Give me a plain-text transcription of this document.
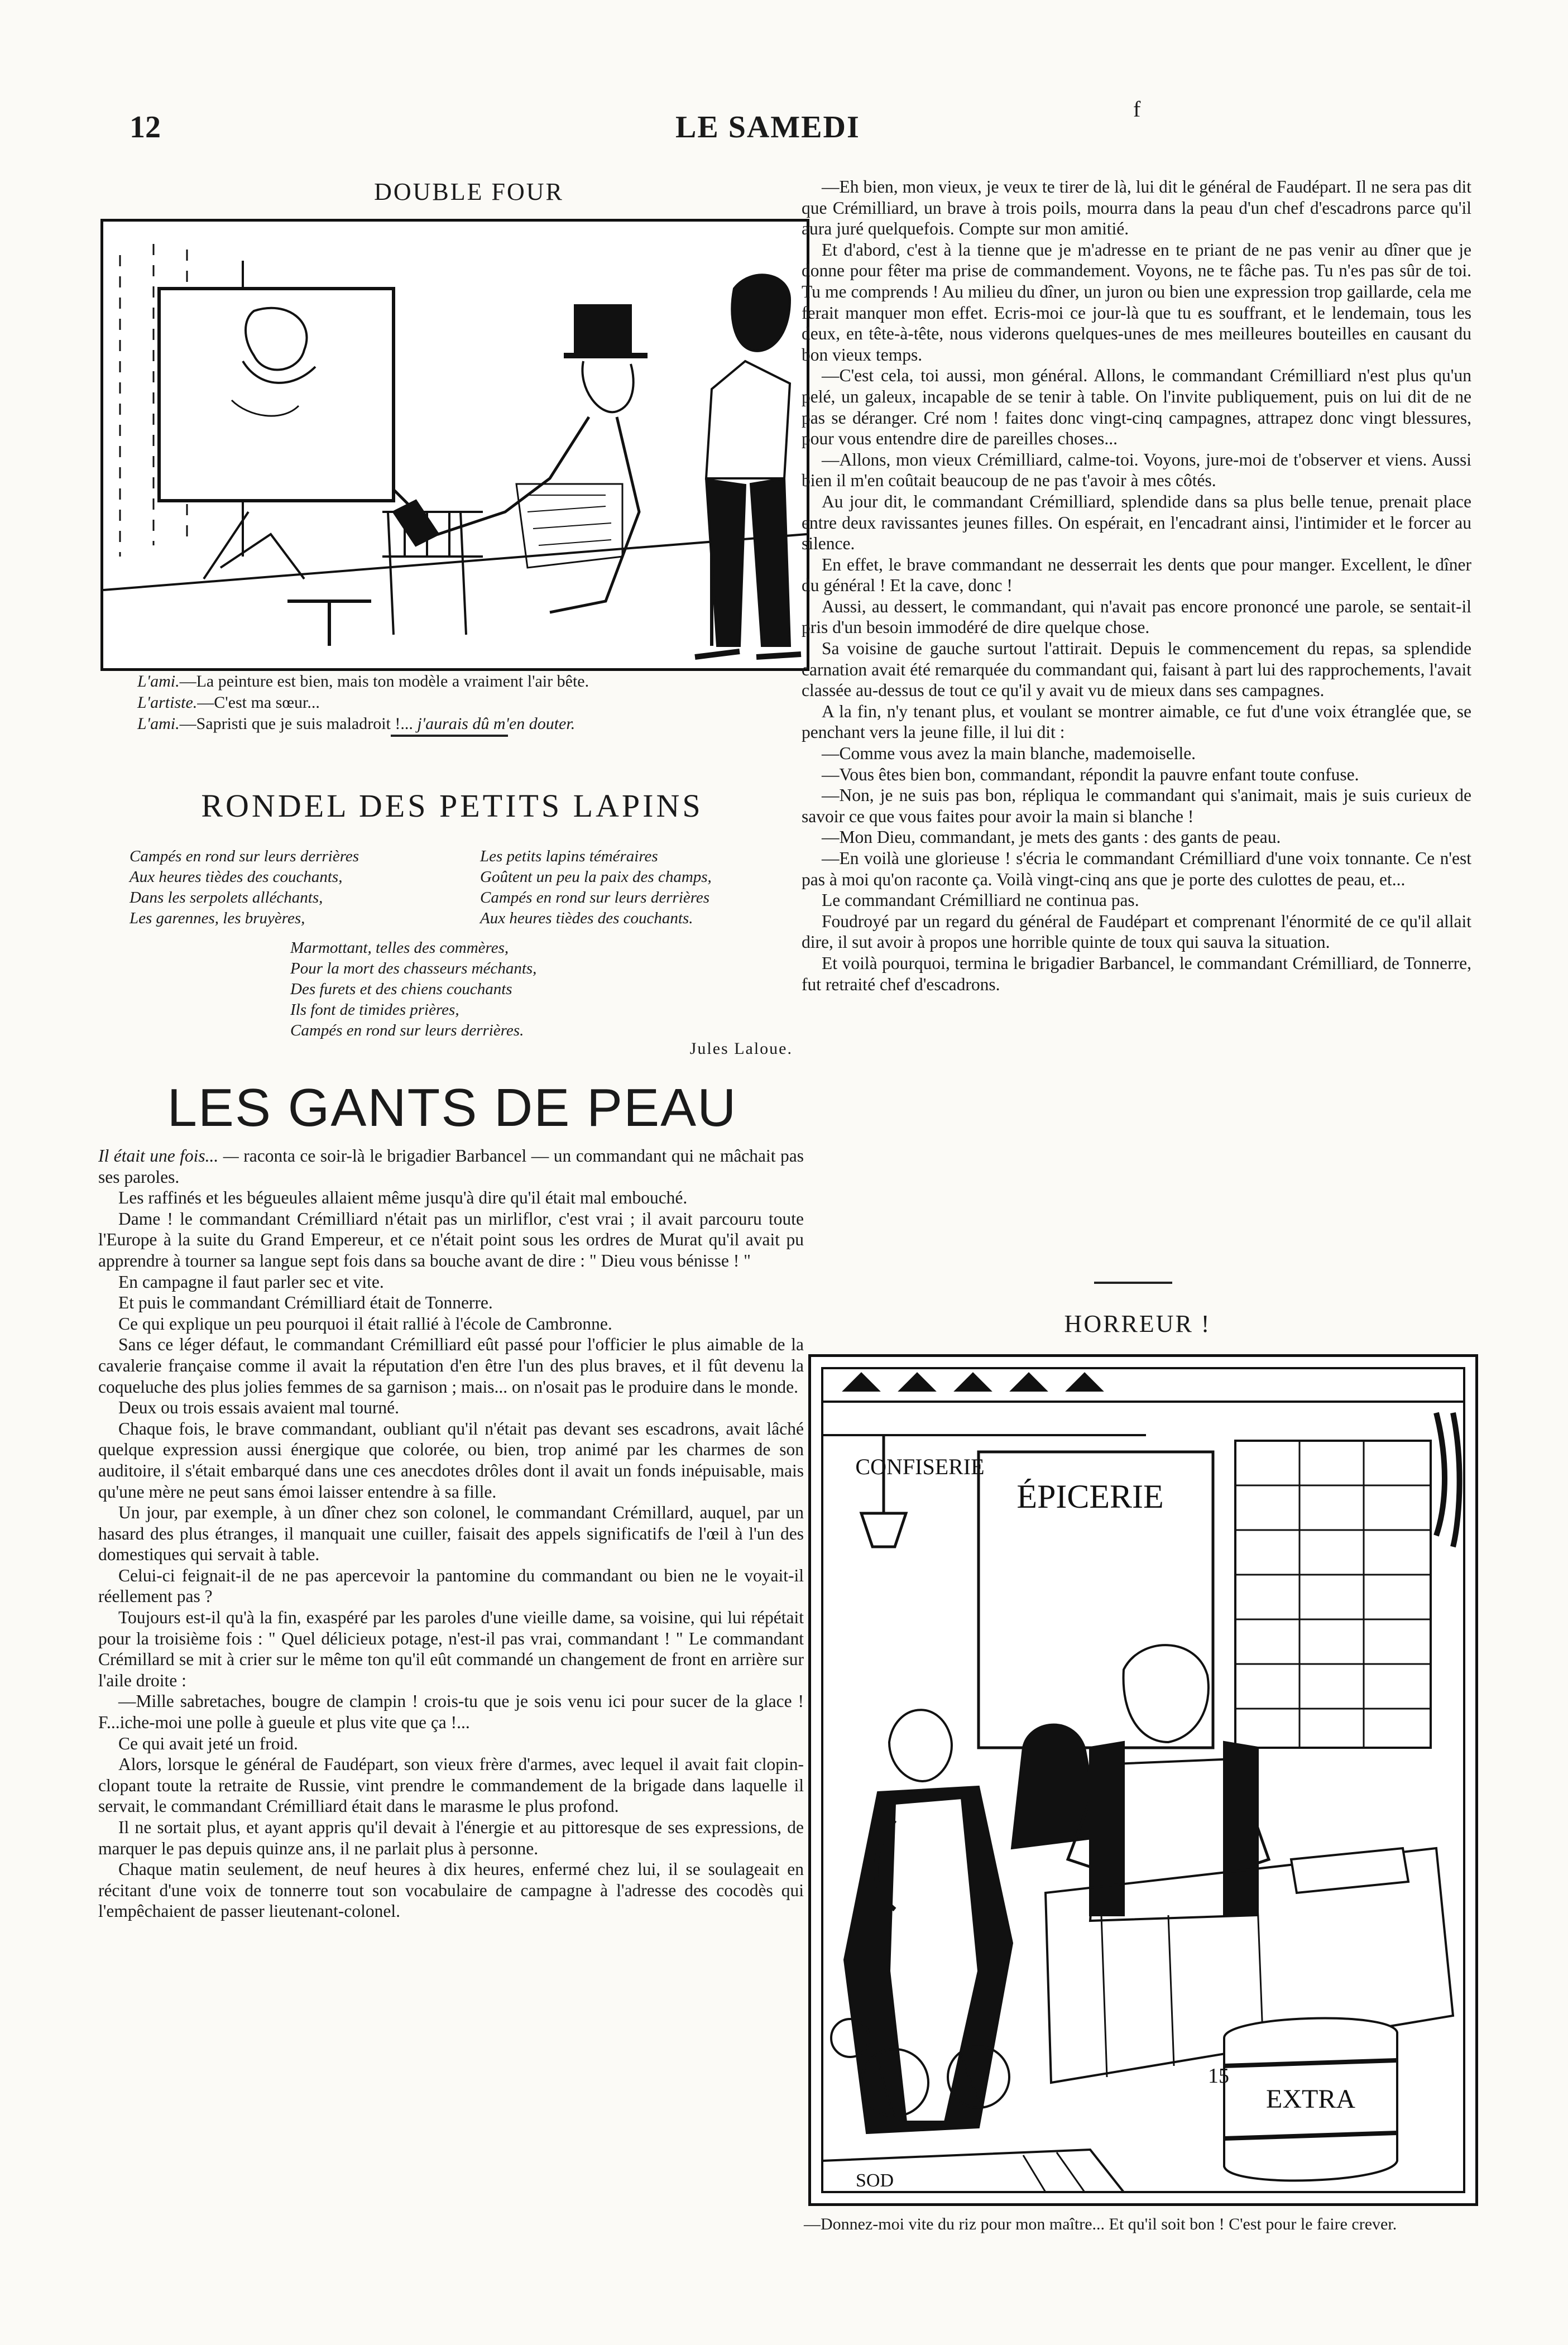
12	LE SAMEDI
f
DOUBLE FOUR

L'ami.—La peinture est bien, mais ton modèle a vraiment l'air bête.

L'artiste.—C'est ma sœur...

L'ami.—Sapristi que je suis maladroit !... j'aurais dû m'en douter.

RONDEL DES PETITS LAPINS

Campés en rond sur leurs derrières

Aux heures tièdes des couchants,

Dans les serpolets alléchants,

Les garennes, les bruyères,

Les petits lapins téméraires

Goûtent un peu la paix des champs,

Campés en rond sur leurs derrières

Aux heures tièdes des couchants.

Marmottant, telles des commères,

Pour la mort des chasseurs méchants,

Des furets et des chiens couchants

Ils font de timides prières,

Campés en rond sur leurs derrières.

Jules Laloue.
LES GANTS DE PEAU

Il était une fois... — raconta ce soir-là le brigadier Barbancel — un commandant qui ne mâchait pas ses paroles.

Les raffinés et les bégueules allaient même jusqu'à dire qu'il était mal embouché.

Dame ! le commandant Crémilliard n'était pas un mirliflor, c'est vrai ; il avait parcouru toute l'Europe à la suite du Grand Empereur, et ce n'était point sous les ordres de Murat qu'il avait pu apprendre à tourner sa langue sept fois dans sa bouche avant de dire : " Dieu vous bénisse ! "

En campagne il faut parler sec et vite.

Et puis le commandant Crémilliard était de Tonnerre.

Ce qui explique un peu pourquoi il était rallié à l'école de Cambronne.

Sans ce léger défaut, le commandant Crémilliard eût passé pour l'officier le plus aimable de la cavalerie française comme il avait la réputation d'en être l'un des plus braves, et il fût devenu la coqueluche des plus jolies femmes de sa garnison ; mais... on n'osait pas le produire dans le monde.

Deux ou trois essais avaient mal tourné.

Chaque fois, le brave commandant, oubliant qu'il n'était pas devant ses escadrons, avait lâché quelque expression aussi énergique que colorée, ou bien, trop animé par les charmes de son auditoire, il s'était embarqué dans une ces anecdotes drôles dont il avait un fonds inépuisable, mais qu'une mère ne peut sans émoi laisser entendre à sa fille.

Un jour, par exemple, à un dîner chez son colonel, le commandant Crémillard, auquel, par un hasard des plus étranges, il manquait une cuiller, faisait des appels significatifs de l'œil à l'un des domestiques qui servait à table.

Celui-ci feignait-il de ne pas apercevoir la pantomine du commandant ou bien ne le voyait-il réellement pas ?

Toujours est-il qu'à la fin, exaspéré par les paroles d'une vieille dame, sa voisine, qui lui répétait pour la troisième fois : " Quel délicieux potage, n'est-il pas vrai, commandant ! " Le commandant Crémillard se mit à crier sur le même ton qu'il eût commandé un changement de front en arrière sur l'aile droite :

—Mille sabretaches, bougre de clampin ! crois-tu que je sois venu ici pour sucer de la glace ! F...iche-moi une polle à gueule et plus vite que ça !...

Ce qui avait jeté un froid.

Alors, lorsque le général de Faudépart, son vieux frère d'armes, avec lequel il avait fait clopin-clopant toute la retraite de Russie, vint prendre le commandement de la brigade dans laquelle il servait, le commandant Crémilliard était dans le marasme le plus profond.

Il ne sortait plus, et ayant appris qu'il devait à l'énergie et au pittoresque de ses expressions, de marquer le pas depuis quinze ans, il ne parlait plus à personne.

Chaque matin seulement, de neuf heures à dix heures, enfermé chez lui, il se soulageait en récitant d'une voix de tonnerre tout son vocabulaire de campagne à l'adresse des cocodès qui l'empêchaient de passer lieutenant-colonel.

—Eh bien, mon vieux, je veux te tirer de là, lui dit le général de Faudépart. Il ne sera pas dit que Crémilliard, un brave à trois poils, mourra dans la peau d'un chef d'escadrons parce qu'il aura juré quelquefois. Compte sur mon amitié.

Et d'abord, c'est à la tienne que je m'adresse en te priant de ne pas venir au dîner que je donne pour fêter ma prise de commandement. Voyons, ne te fâche pas. Tu n'es pas sûr de toi. Tu me comprends ! Au milieu du dîner, un juron ou bien une expression trop gaillarde, cela me ferait manquer mon effet. Ecris-moi ce jour-là que tu es souffrant, et le lendemain, tous les deux, en tête-à-tête, nous viderons quelques-unes de mes meilleures bouteilles en causant du bon vieux temps.

—C'est cela, toi aussi, mon général. Allons, le commandant Crémilliard n'est plus qu'un pelé, un galeux, incapable de se tenir à table. On l'invite publiquement, puis on lui dit de ne pas se déranger. Cré nom ! faites donc vingt-cinq campagnes, attrapez donc vingt blessures, pour vous entendre dire de pareilles choses...

—Allons, mon vieux Crémilliard, calme-toi. Voyons, jure-moi de t'observer et viens. Aussi bien il m'en coûtait beaucoup de ne pas t'avoir à mes côtés.

Au jour dit, le commandant Crémilliard, splendide dans sa plus belle tenue, prenait place entre deux ravissantes jeunes filles. On espérait, en l'encadrant ainsi, l'intimider et le forcer au silence.

En effet, le brave commandant ne desserrait les dents que pour manger. Excellent, le dîner du général ! Et la cave, donc !

Aussi, au dessert, le commandant, qui n'avait pas encore prononcé une parole, se sentait-il pris d'un besoin immodéré de dire quelque chose.

Sa voisine de gauche surtout l'attirait. Depuis le commencement du repas, sa splendide carnation avait été remarquée du commandant qui, faisant à part lui des rapprochements, l'avait classée au-dessus de tout ce qu'il y avait vu de mieux dans ses campagnes.

A la fin, n'y tenant plus, et voulant se montrer aimable, ce fut d'une voix étranglée que, se penchant vers la jeune fille, il lui dit :

—Comme vous avez la main blanche, mademoiselle.

—Vous êtes bien bon, commandant, répondit la pauvre enfant toute confuse.

—Non, je ne suis pas bon, répliqua le commandant qui s'animait, mais je suis curieux de savoir ce que vous faites pour avoir la main si blanche !

—Mon Dieu, commandant, je mets des gants : des gants de peau.

—En voilà une glorieuse ! s'écria le commandant Crémilliard d'une voix tonnante. Ce n'est pas à moi qu'on raconte ça. Voilà vingt-cinq ans que je porte des culottes de peau, et...

Le commandant Crémilliard ne continua pas.

Foudroyé par un regard du général de Faudépart et comprenant l'énormité de ce qu'il allait dire, il sut avoir à propos une horrible quinte de toux qui sauva la situation.

Et voilà pourquoi, termina le brigadier Barbancel, le commandant Crémilliard, de Tonnerre, fut retraité chef d'escadrons.

HORREUR !
ÉPICERIE
CONFISERIE
EXTRA
15
SOD
—Donnez-moi vite du riz pour mon maître... Et qu'il soit bon ! C'est pour le faire crever.
